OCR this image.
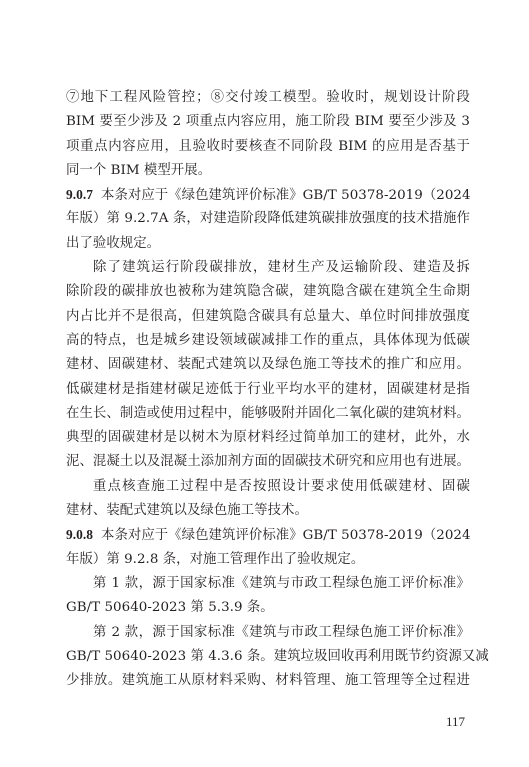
⑦地下工程风险管控；⑧交付竣工模型。验收时，规划设计阶段
BIM 要至少涉及 2 项重点内容应用，施工阶段 BIM 要至少涉及 3
项重点内容应用，且验收时要核查不同阶段 BIM 的应用是否基于
同一个 BIM 模型开展。
9.0.7 本条对应于《绿色建筑评价标准》GB/T 50378-2019（2024
年版）第 9.2.7A 条，对建造阶段降低建筑碳排放强度的技术措施作
出了验收规定。
除了建筑运行阶段碳排放，建材生产及运输阶段、建造及拆
除阶段的碳排放也被称为建筑隐含碳，建筑隐含碳在建筑全生命期
内占比并不是很高，但建筑隐含碳具有总量大、单位时间排放强度
高的特点，也是城乡建设领域碳减排工作的重点，具体体现为低碳
建材、固碳建材、装配式建筑以及绿色施工等技术的推广和应用。
低碳建材是指建材碳足迹低于行业平均水平的建材，固碳建材是指
在生长、制造或使用过程中，能够吸附并固化二氧化碳的建筑材料。
典型的固碳建材是以树木为原材料经过简单加工的建材，此外，水
泥、混凝土以及混凝土添加剂方面的固碳技术研究和应用也有进展。
重点核查施工过程中是否按照设计要求使用低碳建材、固碳
建材、装配式建筑以及绿色施工等技术。
9.0.8 本条对应于《绿色建筑评价标准》GB/T 50378-2019（2024
年版）第 9.2.8 条，对施工管理作出了验收规定。
第 1 款，源于国家标准《建筑与市政工程绿色施工评价标准》
GB/T 50640-2023 第 5.3.9 条。
第 2 款，源于国家标准《建筑与市政工程绿色施工评价标准》
GB/T 50640-2023 第 4.3.6 条。建筑垃圾回收再利用既节约资源又减
少排放。建筑施工从原材料采购、材料管理、施工管理等全过程进
117
